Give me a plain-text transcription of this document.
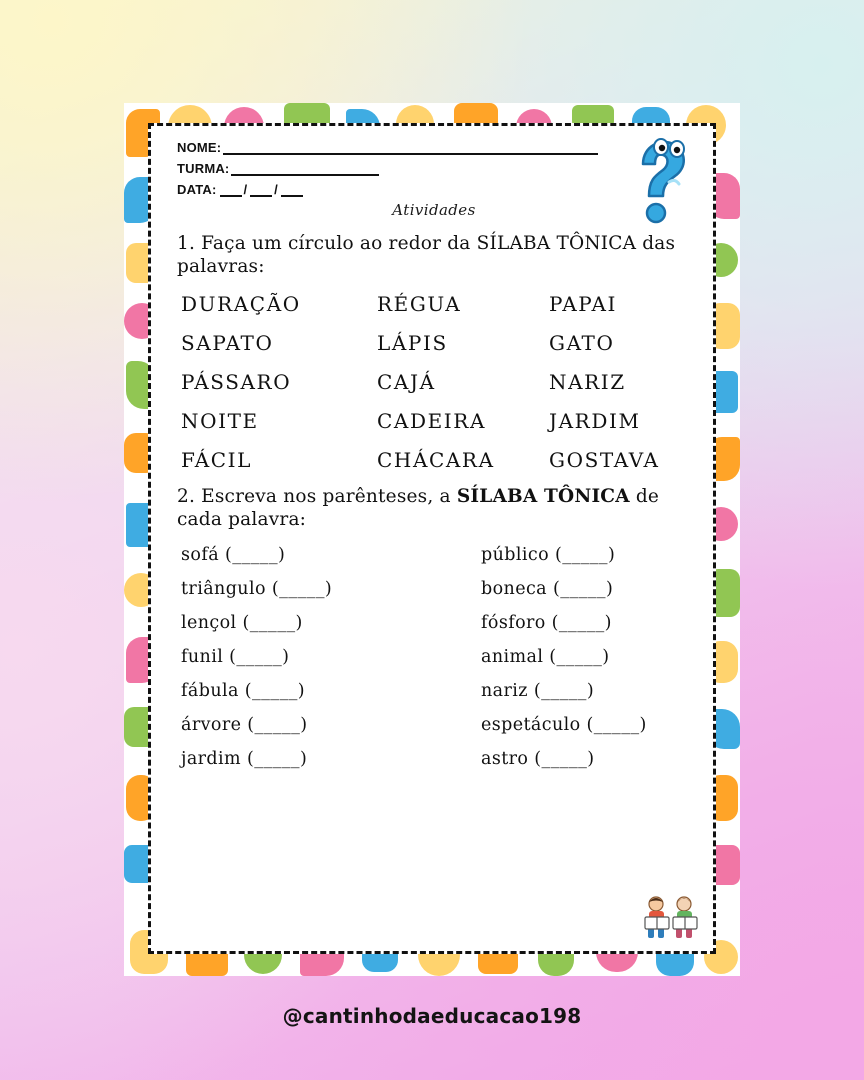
NOME:
TURMA:
DATA: / /
Atividades
1. Faça um círculo ao redor da SÍLABA TÔNICA das palavras:
DURAÇÃO	RÉGUA	PAPAI
SAPATO	LÁPIS	GATO
PÁSSARO	CAJÁ	NARIZ
NOITE	CADEIRA	JARDIM
FÁCIL	CHÁCARA	GOSTAVA
2. Escreva nos parênteses, a SÍLABA TÔNICA de cada palavra:
sofá (_____)	público (_____)
triângulo (_____)	boneca (_____)
lençol (_____)	fósforo (_____)
funil (_____)	animal (_____)
fábula (_____)	nariz (_____)
árvore (_____)	espetáculo (_____)
jardim (_____)	astro (_____)
@cantinhodaeducacao198
